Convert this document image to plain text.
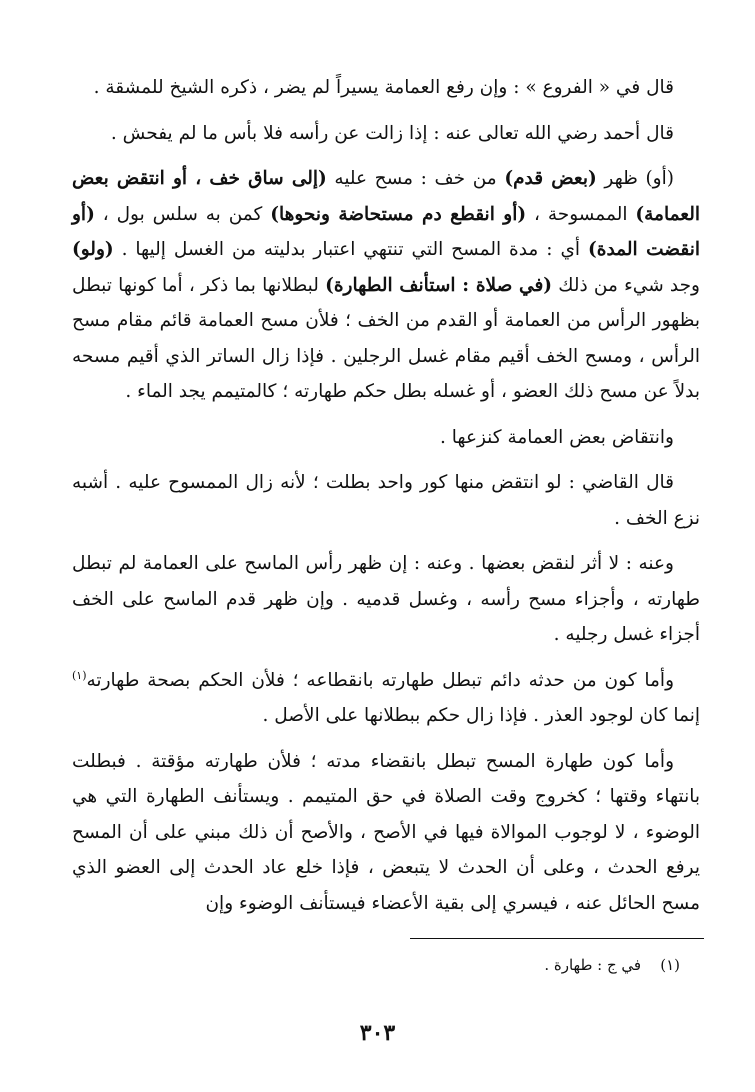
قال في « الفروع » : وإن رفع العمامة يسيراً لم يضر ، ذكره الشيخ للمشقة .

قال أحمد رضي الله تعالى عنه : إذا زالت عن رأسه فلا بأس ما لم يفحش .

(أو) ظهر (بعض قدم) من خف : مسح عليه (إلى ساق خف ، أو انتقض بعض العمامة) الممسوحة ، (أو انقطع دم مستحاضة ونحوها) كمن به سلس بول ، (أو انقضت المدة) أي : مدة المسح التي تنتهي اعتبار بدليته من الغسل إليها . (ولو) وجد شيء من ذلك (في صلاة : استأنف الطهارة) لبطلانها بما ذكر ، أما كونها تبطل بظهور الرأس من العمامة أو القدم من الخف ؛ فلأن مسح العمامة قائم مقام مسح الرأس ، ومسح الخف أقيم مقام غسل الرجلين . فإذا زال الساتر الذي أقيم مسحه بدلاً عن مسح ذلك العضو ، أو غسله بطل حكم طهارته ؛ كالمتيمم يجد الماء .

وانتقاض بعض العمامة كنزعها .

قال القاضي : لو انتقض منها كور واحد بطلت ؛ لأنه زال الممسوح عليه . أشبه نزع الخف .

وعنه : لا أثر لنقض بعضها . وعنه : إن ظهر رأس الماسح على العمامة لم تبطل طهارته ، وأجزاء مسح رأسه ، وغسل قدميه . وإن ظهر قدم الماسح على الخف أجزاء غسل رجليه .

وأما كون من حدثه دائم تبطل طهارته بانقطاعه ؛ فلأن الحكم بصحة طهارته$^{(١)}$ إنما كان لوجود العذر . فإذا زال حكم ببطلانها على الأصل .

وأما كون طهارة المسح تبطل بانقضاء مدته ؛ فلأن طهارته مؤقتة . فبطلت بانتهاء وقتها ؛ كخروج وقت الصلاة في حق المتيمم . ويستأنف الطهارة التي هي الوضوء ، لا لوجوب الموالاة فيها في الأصح ، والأصح أن ذلك مبني على أن المسح يرفع الحدث ، وعلى أن الحدث لا يتبعض ، فإذا خلع عاد الحدث إلى العضو الذي مسح الحائل عنه ، فيسري إلى بقية الأعضاء فيستأنف الوضوء وإن

(١)    في ج : طهارة .
٣٠٣
